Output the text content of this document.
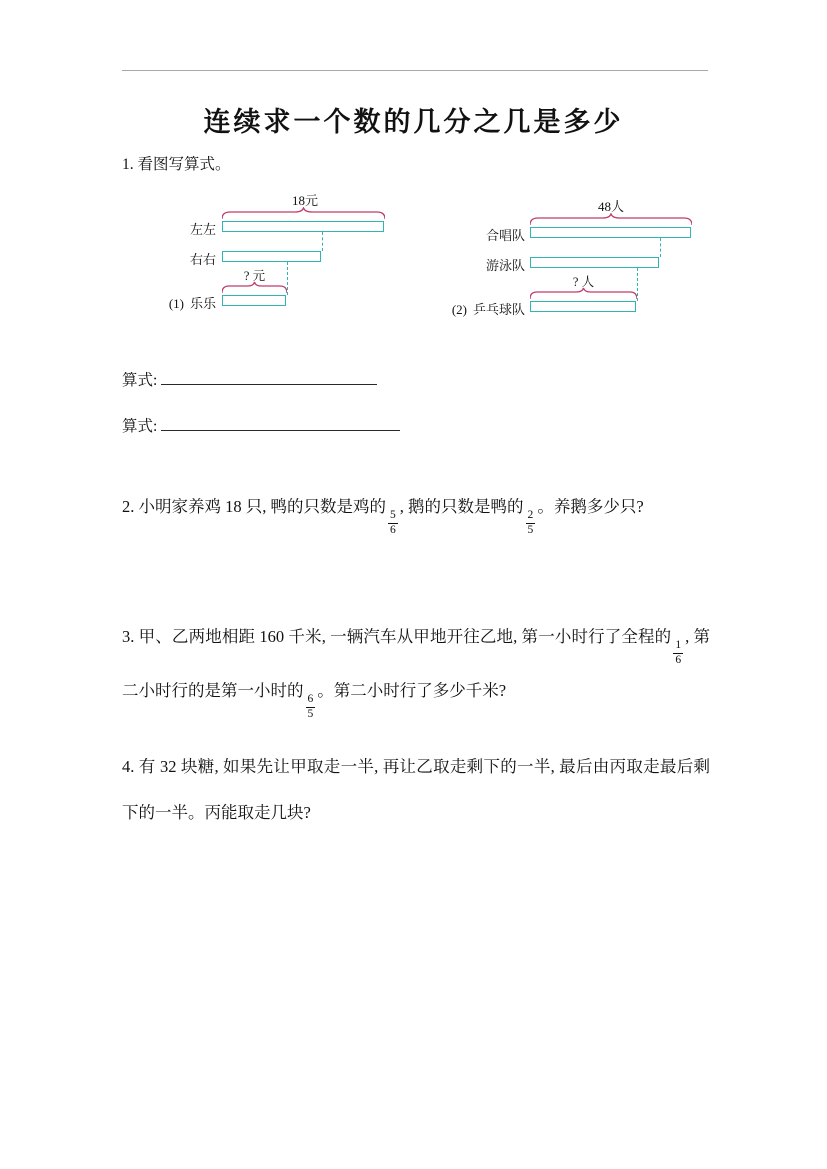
连续求一个数的几分之几是多少
1. 看图写算式。
18元
左左
右右
? 元
(1) 乐乐
48人
合唱队
游泳队
? 人
(2) 乒乓球队
算式:
算式:
2. 小明家养鸡 18 只, 鸭的只数是鸡的
$\frac{5}{6}$
, 鹅的只数是鸭的
$\frac{2}{5}$
。养鹅多少只?
3. 甲、乙两地相距 160 千米, 一辆汽车从甲地开往乙地, 第一小时行了全程的
$\frac{1}{6}$
, 第二小时行的是第一小时的
$\frac{6}{5}$
。第二小时行了多少千米?
4. 有 32 块糖, 如果先让甲取走一半, 再让乙取走剩下的一半, 最后由丙取走最后剩下的一半。丙能取走几块?
